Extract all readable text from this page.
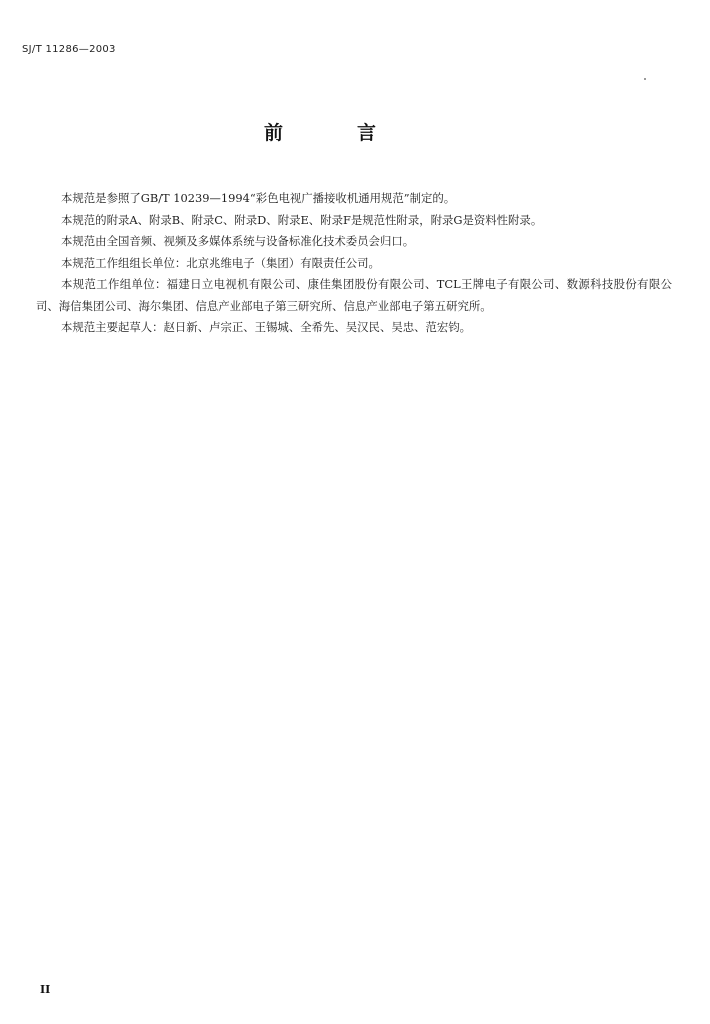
SJ/T 11286—2003
前言

本规范是参照了GB/T 10239—1994“彩色电视广播接收机通用规范”制定的。

本规范的附录A、附录B、附录C、附录D、附录E、附录F是规范性附录，附录G是资料性附录。

本规范由全国音频、视频及多媒体系统与设备标准化技术委员会归口。

本规范工作组组长单位：北京兆维电子（集团）有限责任公司。

本规范工作组单位：福建日立电视机有限公司、康佳集团股份有限公司、TCL王牌电子有限公司、数源科技股份有限公司、海信集团公司、海尔集团、信息产业部电子第三研究所、信息产业部电子第五研究所。

本规范主要起草人：赵日新、卢宗正、王锡城、全希先、吴汉民、吴忠、范宏钧。

II
